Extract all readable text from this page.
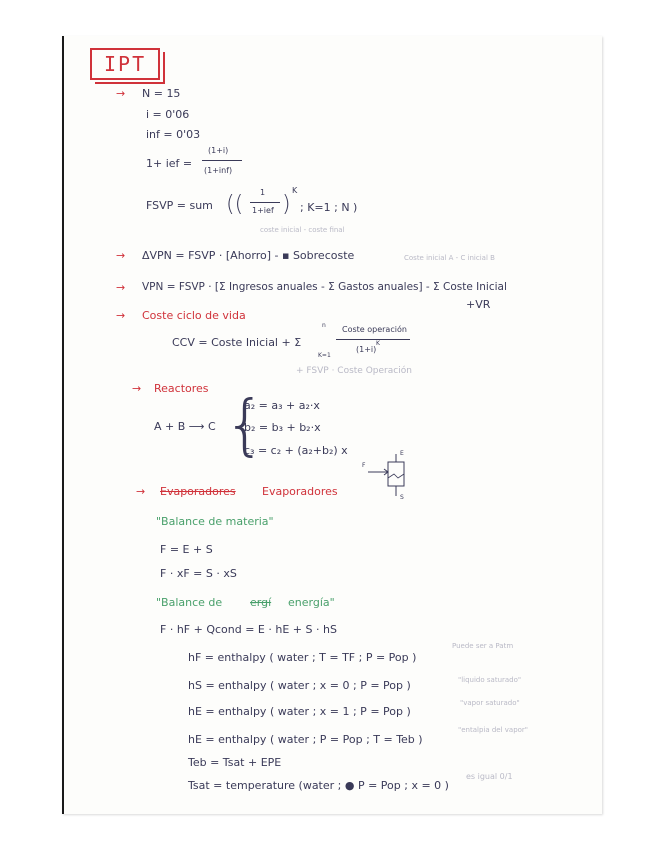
IPT
→ N = 15
i = 0'06
inf = 0'03
1+ ief =
(1+i)
(1+inf)
FSVP = sum (( 1
1+ief )
K
; K=1 ; N )
coste inicial - coste final
→ ΔVPN = FSVP · [Ahorro] - ▪ Sobrecoste	Coste inicial A - C inicial B
→ VPN = FSVP · [Σ Ingresos anuales - Σ Gastos anuales] - Σ Coste Inicial
+VR
→ Coste ciclo de vida
CCV = Coste Inicial + Σ
n
K=1
Coste operación
(1+i)
K
+ FSVP · Coste Operación
→ Reactores
A + B ⟶ C {
a₂ = a₃ + a₂·x
b₂ = b₃ + b₂·x
c₃ = c₂ + (a₂+b₂) x
F
E
S
→ Evaporadores Evaporadores
"Balance de materia"
F = E + S
F · xF = S · xS
"Balance de	ergí energía"
F · hF + Qcond = E · hE + S · hS
hF = enthalpy ( water ; T = TF ; P = Pop )
Puede ser a Patm
hS = enthalpy ( water ; x = 0 ; P = Pop )	"liquido saturado"
hE = enthalpy ( water ; x = 1 ; P = Pop )
"vapor saturado"
hE = enthalpy ( water ; P = Pop ; T = Teb )
"entalpia del vapor"
Teb = Tsat + EPE
Tsat = temperature (water ; ● P = Pop ; x = 0 )
es igual 0/1
